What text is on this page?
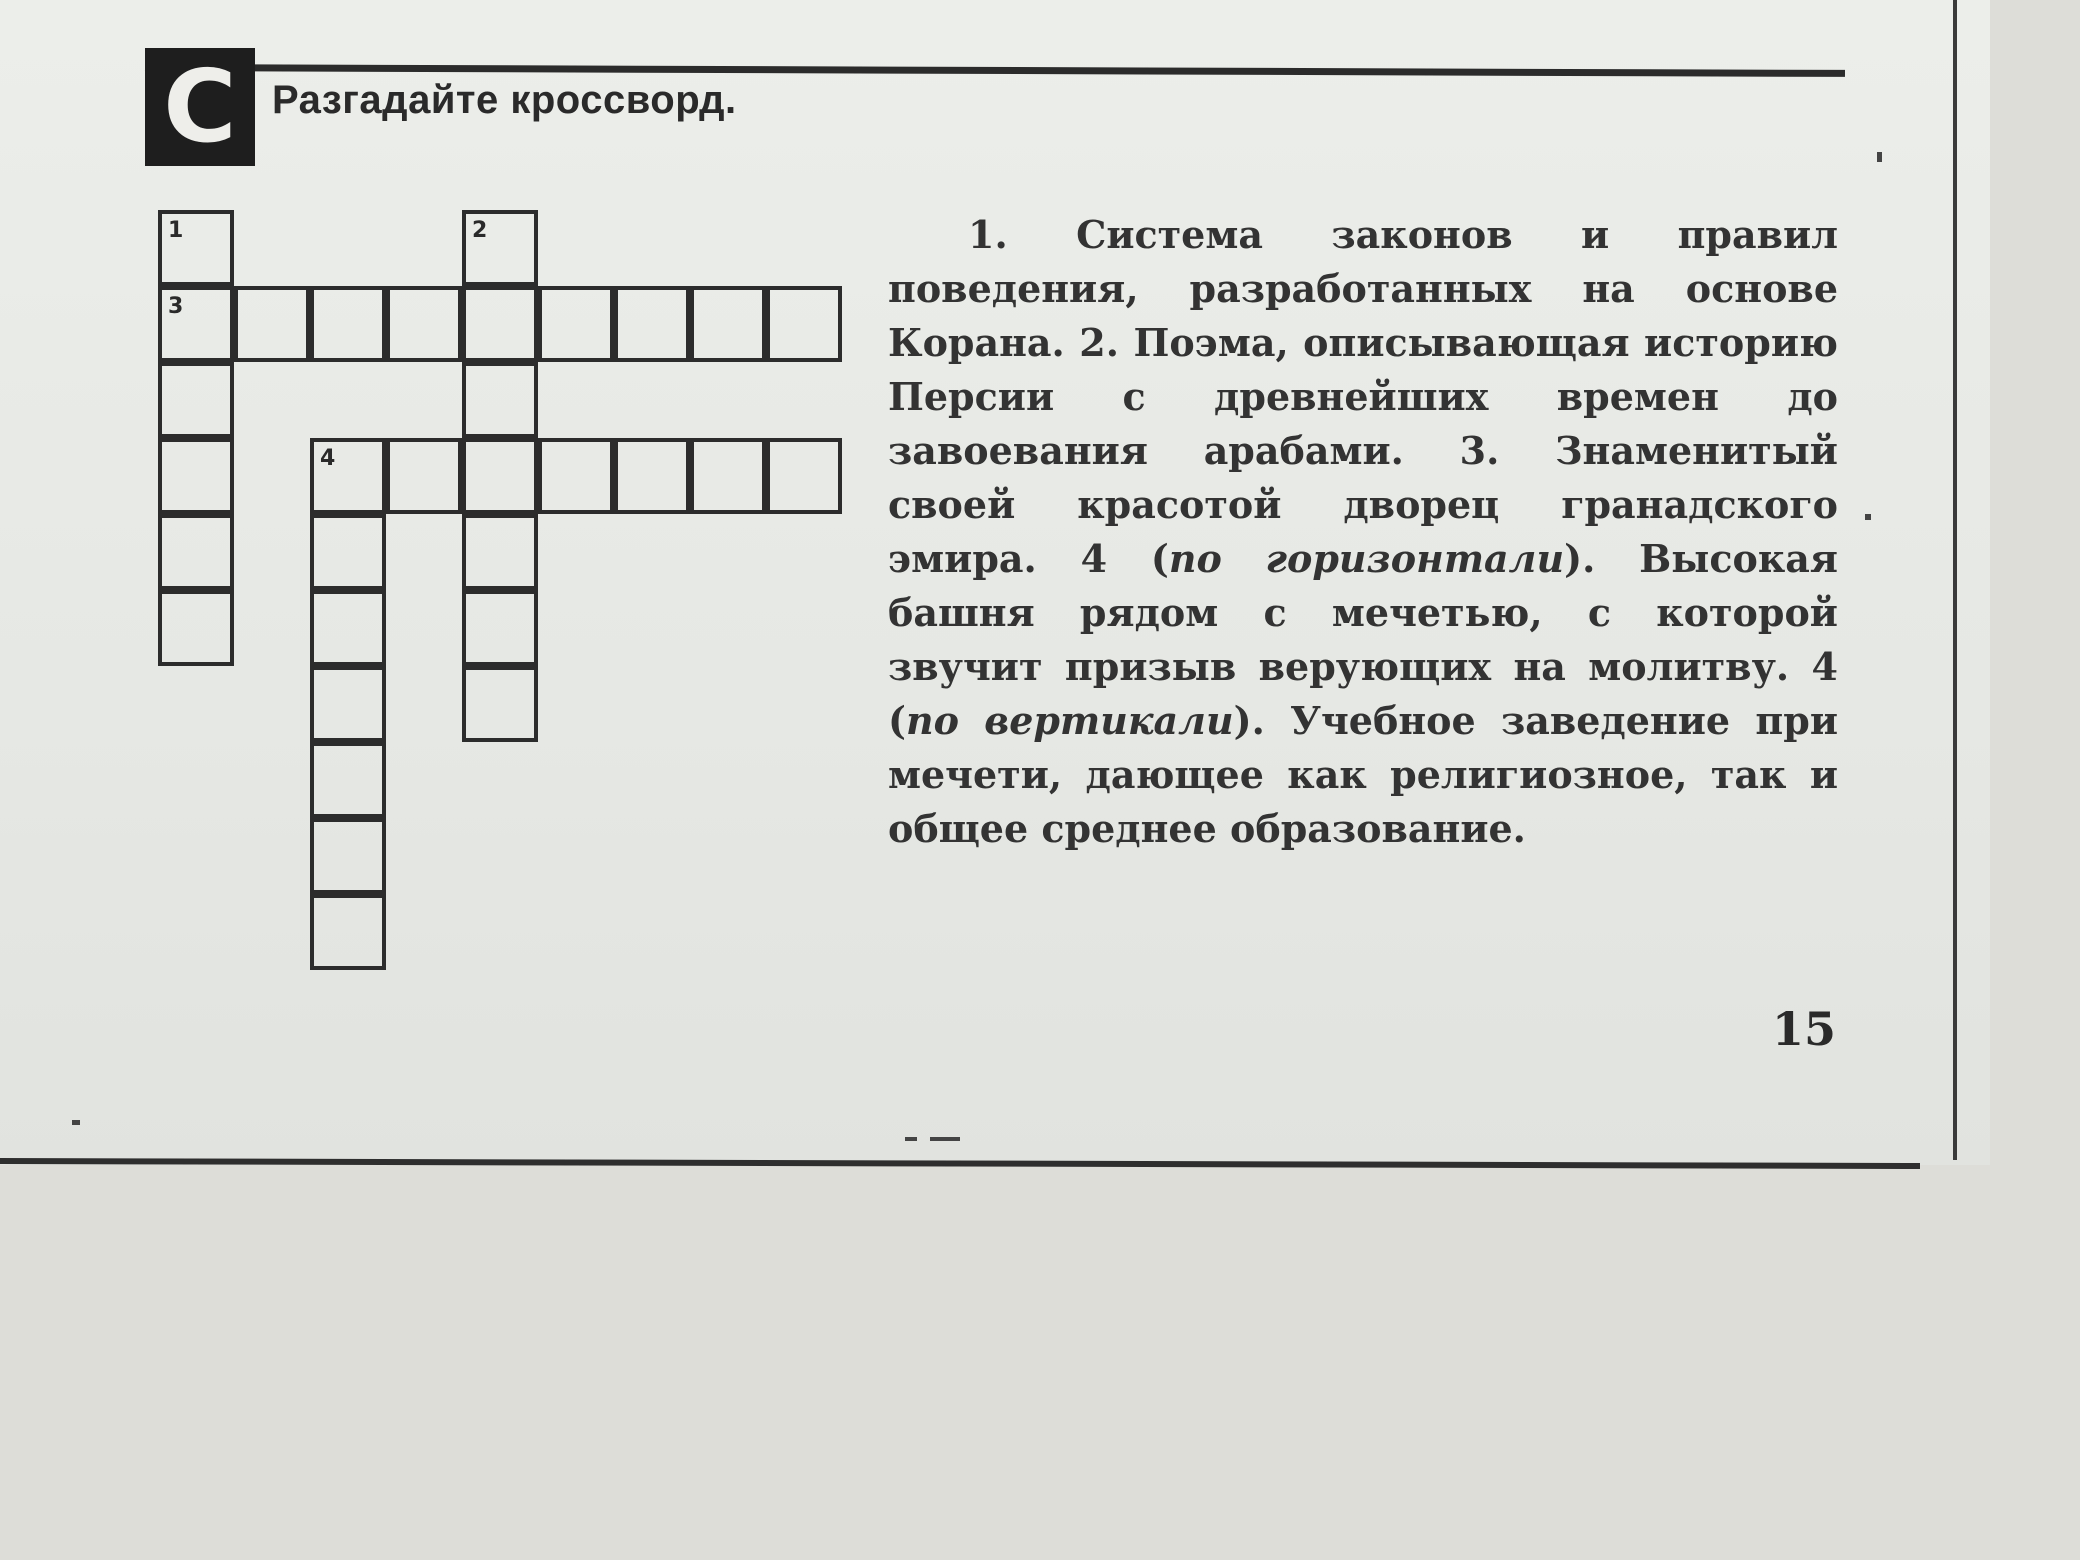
C Разгадайте кроссворд.
1	2
3
4

1. Система законов и правил поведения, разработанных на основе Корана. 2. Поэма, описывающая историю Персии с древнейших времен до завоевания арабами. 3. Знаменитый своей красотой дворец гранадского эмира. 4 (по горизонтали). Высокая башня рядом с мечетью, с которой звучит призыв верующих на молитву. 4 (по вертикали). Учебное заведение при мечети, дающее как религиозное, так и общее среднее образование.

15
